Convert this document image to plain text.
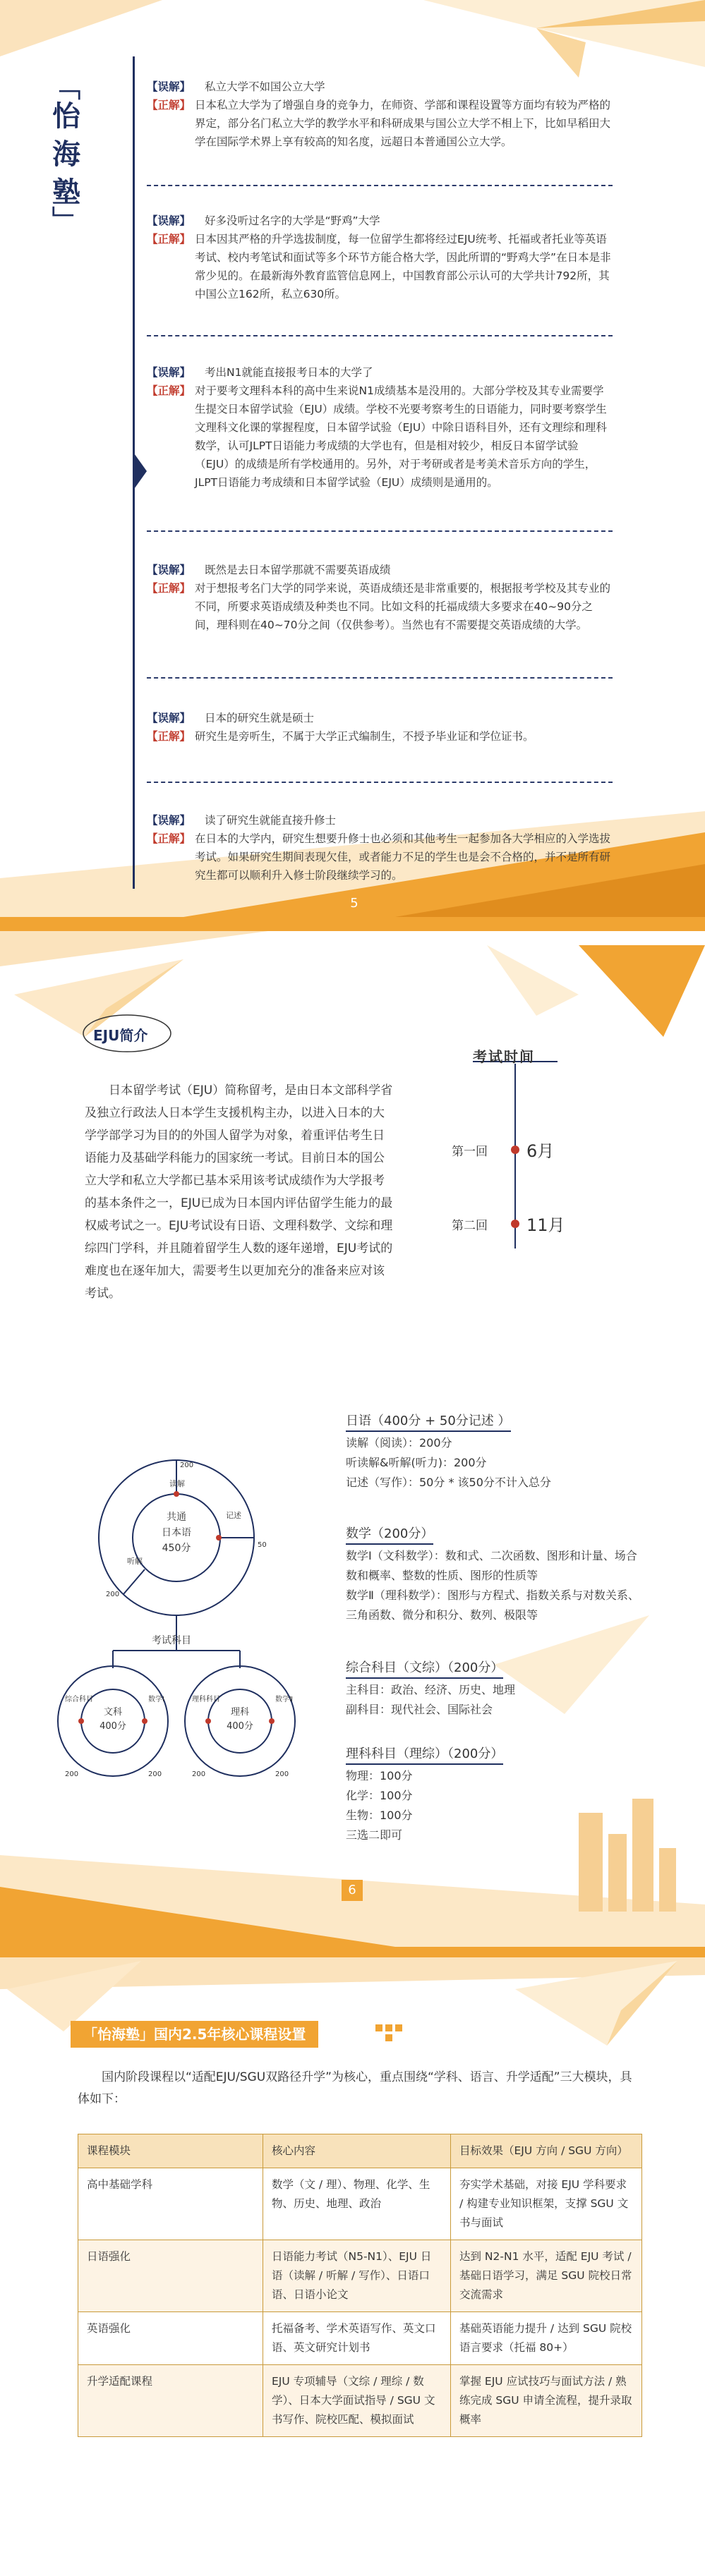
﹁
怡海塾
﹂
【误解】	私立大学不如国公立大学
【正解】 日本私立大学为了增强自身的竞争力，在师资、学部和课程设置等方面均有较为严格的界定，部分名门私立大学的教学水平和科研成果与国公立大学不相上下，比如早稻田大学在国际学术界上享有较高的知名度，远超日本普通国公立大学。
【误解】	好多没听过名字的大学是“野鸡”大学
【正解】 日本因其严格的升学选拔制度，每一位留学生都将经过EJU统考、托福或者托业等英语考试、校内考笔试和面试等多个环节方能合格大学，因此所谓的“野鸡大学”在日本是非常少见的。在最新海外教育监管信息网上，中国教育部公示认可的大学共计792所，其中国公立162所，私立630所。
【误解】	考出N1就能直接报考日本的大学了
【正解】 对于要考文理科本科的高中生来说N1成绩基本是没用的。大部分学校及其专业需要学生提交日本留学试验（EJU）成绩。学校不光要考察考生的日语能力，同时要考察学生文理科文化课的掌握程度，日本留学试验（EJU）中除日语科目外，还有文理综和理科数学，认可JLPT日语能力考成绩的大学也有，但是相对较少，相反日本留学试验（EJU）的成绩是所有学校通用的。另外，对于考研或者是考美术音乐方向的学生，JLPT日语能力考成绩和日本留学试验（EJU）成绩则是通用的。
【误解】	既然是去日本留学那就不需要英语成绩
【正解】 对于想报考名门大学的同学来说，英语成绩还是非常重要的，根据报考学校及其专业的不同，所要求英语成绩及种类也不同。比如文科的托福成绩大多要求在40~90分之间，理科则在40~70分之间（仅供参考）。当然也有不需要提交英语成绩的大学。
【误解】	日本的研究生就是硕士
【正解】 研究生是旁听生，不属于大学正式编制生，不授予毕业证和学位证书。
【误解】	读了研究生就能直接升修士
【正解】 在日本的大学内，研究生想要升修士也必须和其他考生一起参加各大学相应的入学选拔考试。如果研究生期间表现欠佳，或者能力不足的学生也是会不合格的，并不是所有研究生都可以顺利升入修士阶段继续学习的。
5
EJU简介
日本留学考试（EJU）简称留考，是由日本文部科学省及独立行政法人日本学生支援机构主办，以进入日本的大学学部学习为目的的外国人留学为对象，着重评估考生日语能力及基础学科能力的国家统一考试。目前日本的国公立大学和私立大学都已基本采用该考试成绩作为大学报考的基本条件之一，EJU已成为日本国内评估留学生能力的最权威考试之一。EJU考试设有日语、文理科数学、文综和理综四门学科，并且随着留学生人数的逐年递增，EJU考试的难度也在逐年加大，需要考生以更加充分的准备来应对该考试。
考试时间
第一回 6月
第二回 11月
共通
日本语
450分
读解
记述
听解
200
50
200
考试科目
文科
400分
综合科目	数学Ⅰ
200	200
理科
400分
理科科目	数学Ⅱ
200	200
日语（400分 + 50分记述 ）
读解（阅读）：200分
听读解&听解(听力)：200分
记述（写作）：50分 * 该50分不计入总分
数学（200分）
数学Ⅰ（文科数学）：数和式、二次函数、图形和计量、场合数和概率、整数的性质、图形的性质等
数学Ⅱ（理科数学）：图形与方程式、指数关系与对数关系、三角函数、微分和积分、数列、极限等
综合科目（文综）（200分）
主科目：政治、经济、历史、地理
副科目：现代社会、国际社会
理科科目（理综）（200分）
物理：100分
化学：100分
生物：100分
三选二即可
6
「怡海塾」国内2.5年核心课程设置
国内阶段课程以“适配EJU/SGU双路径升学”为核心，重点围绕“学科、语言、升学适配”三大模块，具体如下：
课程模块	核心内容	目标效果（EJU 方向 / SGU 方向）
高中基础学科	数学（文 / 理）、物理、化学、生物、历史、地理、政治	夯实学术基础，对接 EJU 学科要求 / 构建专业知识框架，支撑 SGU 文书与面试
日语强化	日语能力考试（N5-N1）、EJU 日语（读解 / 听解 / 写作）、日语口语、日语小论文	达到 N2-N1 水平，适配 EJU 考试 / 基础日语学习，满足 SGU 院校日常交流需求
英语强化	托福备考、学术英语写作、英文口语、英文研究计划书	基础英语能力提升 / 达到 SGU 院校语言要求（托福 80+）
升学适配课程	EJU 专项辅导（文综 / 理综 / 数学）、日本大学面试指导 / SGU 文书写作、院校匹配、模拟面试	掌握 EJU 应试技巧与面试方法 / 熟练完成 SGU 申请全流程，提升录取概率
